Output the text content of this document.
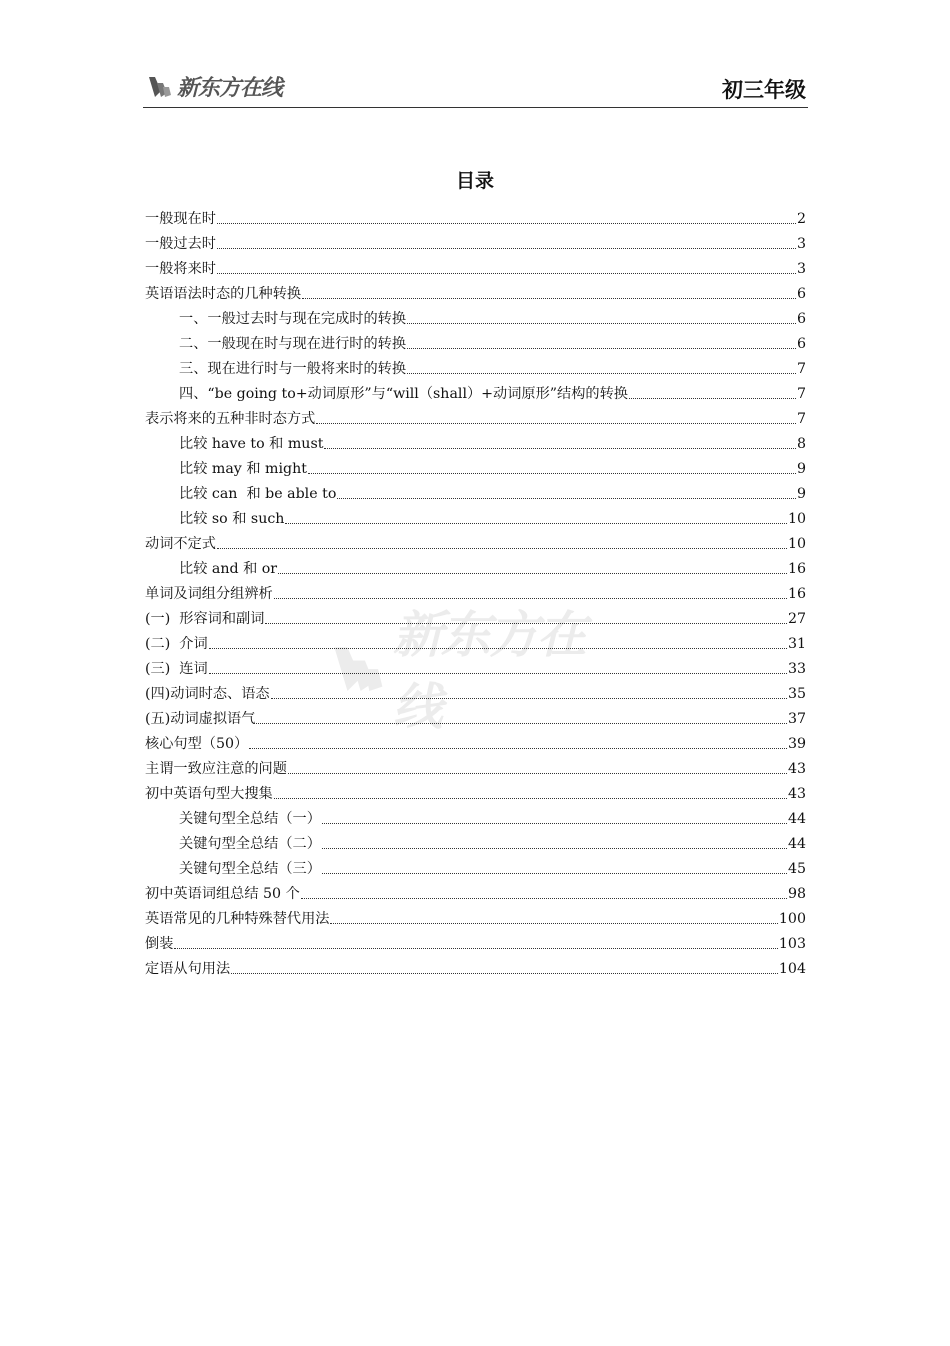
新东方在线	初三年级
目录
一般现在时	2
一般过去时	3
一般将来时	3
英语语法时态的几种转换	6
一、一般过去时与现在完成时的转换	6
二、一般现在时与现在进行时的转换	6
三、现在进行时与一般将来时的转换	7
四、“be going to+动词原形”与“will（shall）+动词原形”结构的转换	7
表示将来的五种非时态方式	7
比较 have to 和 must	8
比较 may 和 might	9
比较 can  和 be able to	9
比较 so 和 such	10
动词不定式	10
比较 and 和 or	16
单词及词组分组辨析	16
(一)  形容词和副词	27
(二)  介词	31
(三)  连词	33
(四)动词时态、语态	35
(五)动词虚拟语气	37
核心句型（50）	39
主谓一致应注意的问题	43
初中英语句型大搜集	43
关键句型全总结（一）	44
关键句型全总结（二）	44
关键句型全总结（三）	45
初中英语词组总结 50 个	98
英语常见的几种特殊替代用法	100
倒装	103
定语从句用法	104
新东方在线
